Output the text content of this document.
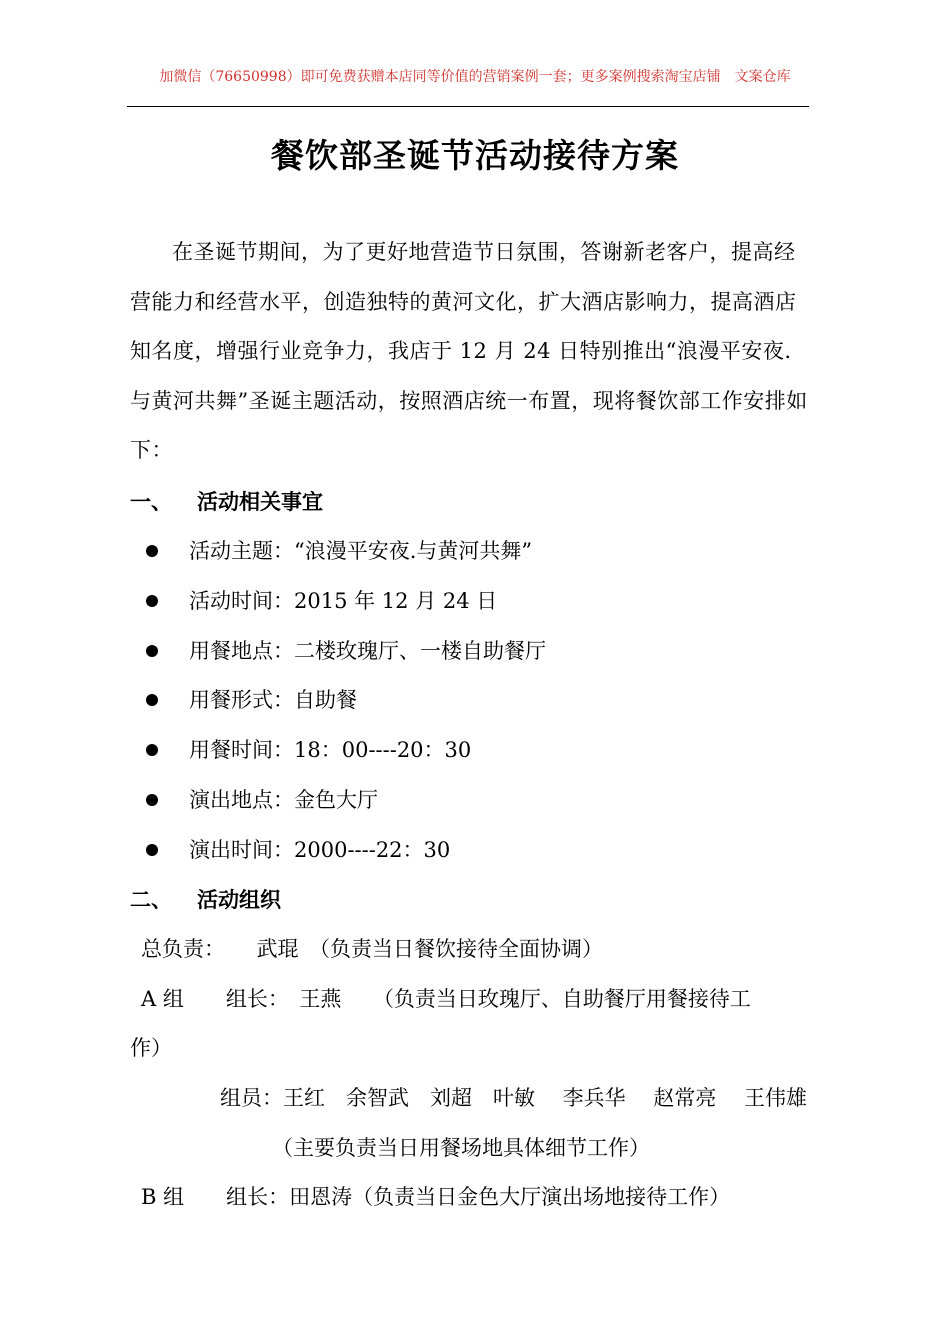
加微信（76650998）即可免费获赠本店同等价值的营销案例一套；更多案例搜索淘宝店铺　文案仓库
餐饮部圣诞节活动接待方案

在圣诞节期间，为了更好地营造节日氛围，答谢新老客户，提高经营能力和经营水平，创造独特的黄河文化，扩大酒店影响力，提高酒店知名度，增强行业竞争力，我店于 12 月 24 日特别推出“浪漫平安夜.与黄河共舞”圣诞主题活动，按照酒店统一布置，现将餐饮部工作安排如下：

一、 活动相关事宜
活动主题：“浪漫平安夜.与黄河共舞”
活动时间：2015 年 12 月 24 日
用餐地点：二楼玫瑰厅、一楼自助餐厅
用餐形式：自助餐
用餐时间：18：00----20：30
演出地点：金色大厅
演出时间：2000----22：30
二、 活动组织
总负责：　　武琨　（负责当日餐饮接待全面协调）
A 组　　组长：　王燕　　（负责当日玫瑰厅、自助餐厅用餐接待工
作）
组员：王红　余智武　刘超　叶敏　 李兵华　 赵常亮　 王伟雄
（主要负责当日用餐场地具体细节工作）
B 组　　组长：田恩涛（负责当日金色大厅演出场地接待工作）
